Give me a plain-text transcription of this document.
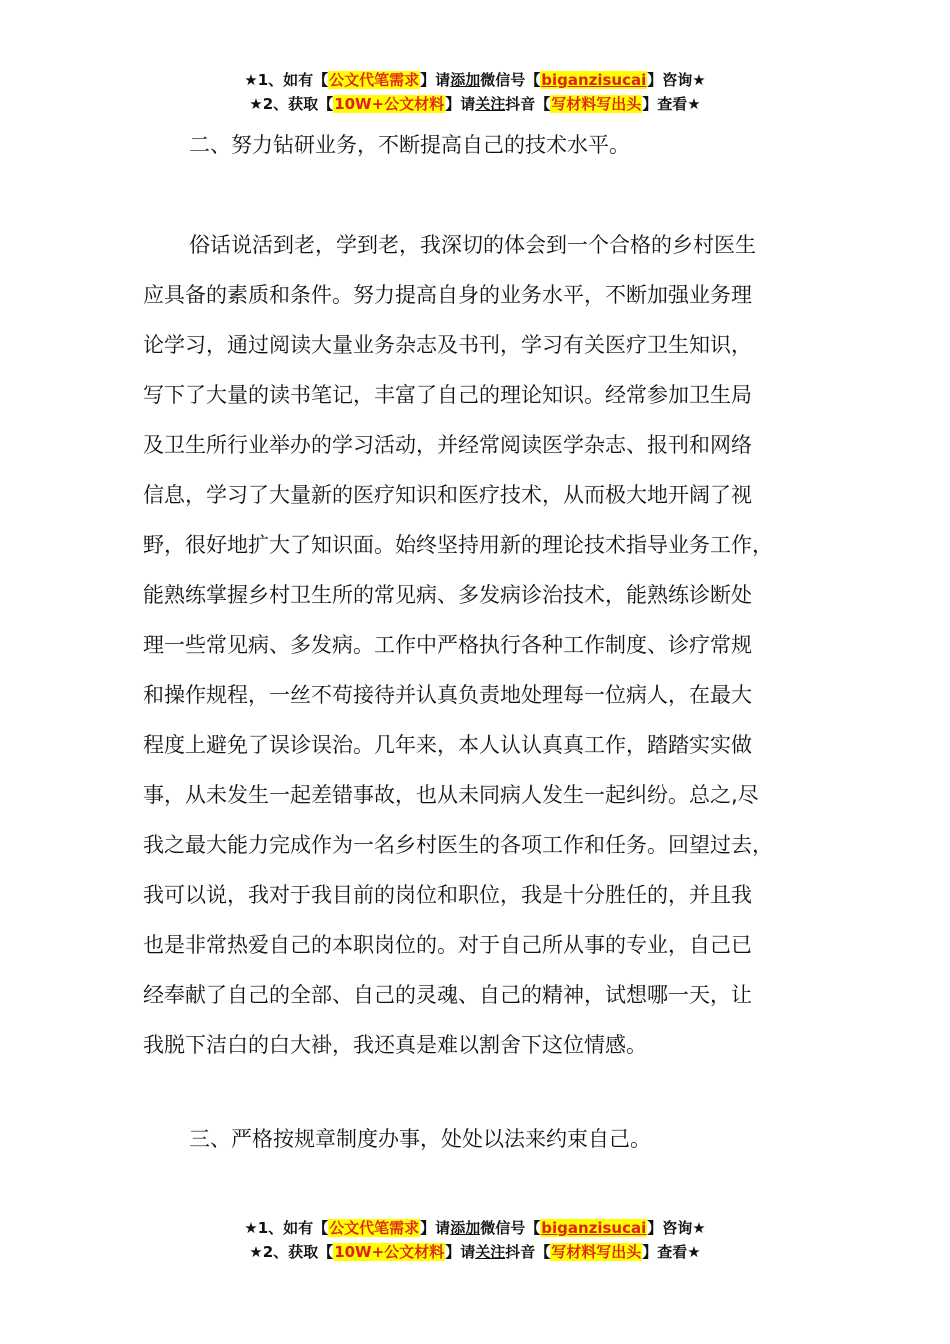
★1、如有【公文代笔需求】请添加微信号【biganzisucai】咨询★
★2、获取【10W+公文材料】请关注抖音【写材料写出头】查看★
二、努力钻研业务，不断提高自己的技术水平。
俗话说活到老，学到老，我深切的体会到一个合格的乡村医生
应具备的素质和条件。努力提高自身的业务水平，不断加强业务理
论学习，通过阅读大量业务杂志及书刊，学习有关医疗卫生知识，
写下了大量的读书笔记，丰富了自己的理论知识。经常参加卫生局
及卫生所行业举办的学习活动，并经常阅读医学杂志、报刊和网络
信息，学习了大量新的医疗知识和医疗技术，从而极大地开阔了视
野，很好地扩大了知识面。始终坚持用新的理论技术指导业务工作，
能熟练掌握乡村卫生所的常见病、多发病诊治技术，能熟练诊断处
理一些常见病、多发病。工作中严格执行各种工作制度、诊疗常规
和操作规程，一丝不苟接待并认真负责地处理每一位病人，在最大
程度上避免了误诊误治。几年来，本人认认真真工作，踏踏实实做
事，从未发生一起差错事故，也从未同病人发生一起纠纷。总之,尽
我之最大能力完成作为一名乡村医生的各项工作和任务。回望过去，
我可以说，我对于我目前的岗位和职位，我是十分胜任的，并且我
也是非常热爱自己的本职岗位的。对于自己所从事的专业，自己已
经奉献了自己的全部、自己的灵魂、自己的精神，试想哪一天，让
我脱下洁白的白大褂，我还真是难以割舍下这位情感。
三、严格按规章制度办事，处处以法来约束自己。
★1、如有【公文代笔需求】请添加微信号【biganzisucai】咨询★
★2、获取【10W+公文材料】请关注抖音【写材料写出头】查看★
